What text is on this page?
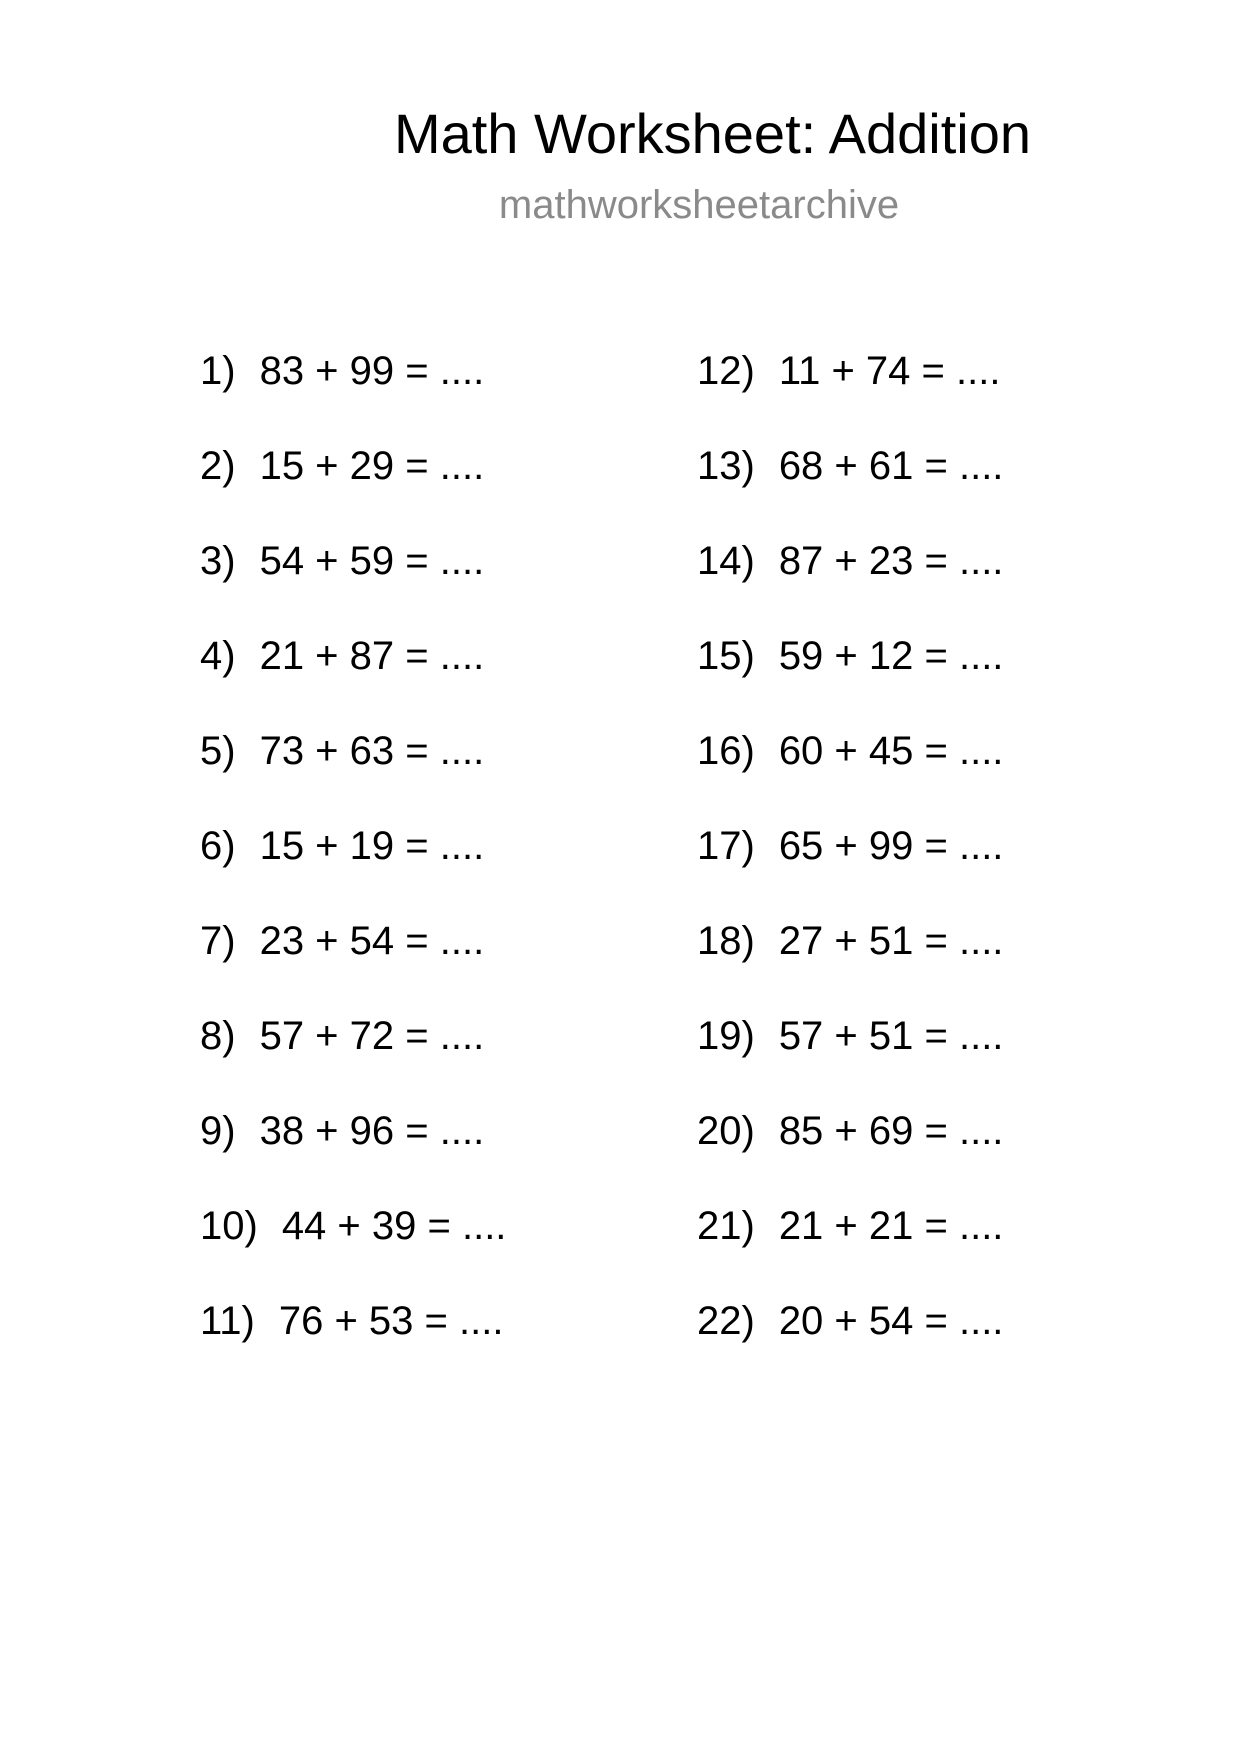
Math Worksheet: Addition
mathworksheetarchive
1) 83 + 99 = ....
2) 15 + 29 = ....
3) 54 + 59 = ....
4) 21 + 87 = ....
5) 73 + 63 = ....
6) 15 + 19 = ....
7) 23 + 54 = ....
8) 57 + 72 = ....
9) 38 + 96 = ....
10) 44 + 39 = ....
11) 76 + 53 = ....
12) 11 + 74 = ....
13) 68 + 61 = ....
14) 87 + 23 = ....
15) 59 + 12 = ....
16) 60 + 45 = ....
17) 65 + 99 = ....
18) 27 + 51 = ....
19) 57 + 51 = ....
20) 85 + 69 = ....
21) 21 + 21 = ....
22) 20 + 54 = ....
